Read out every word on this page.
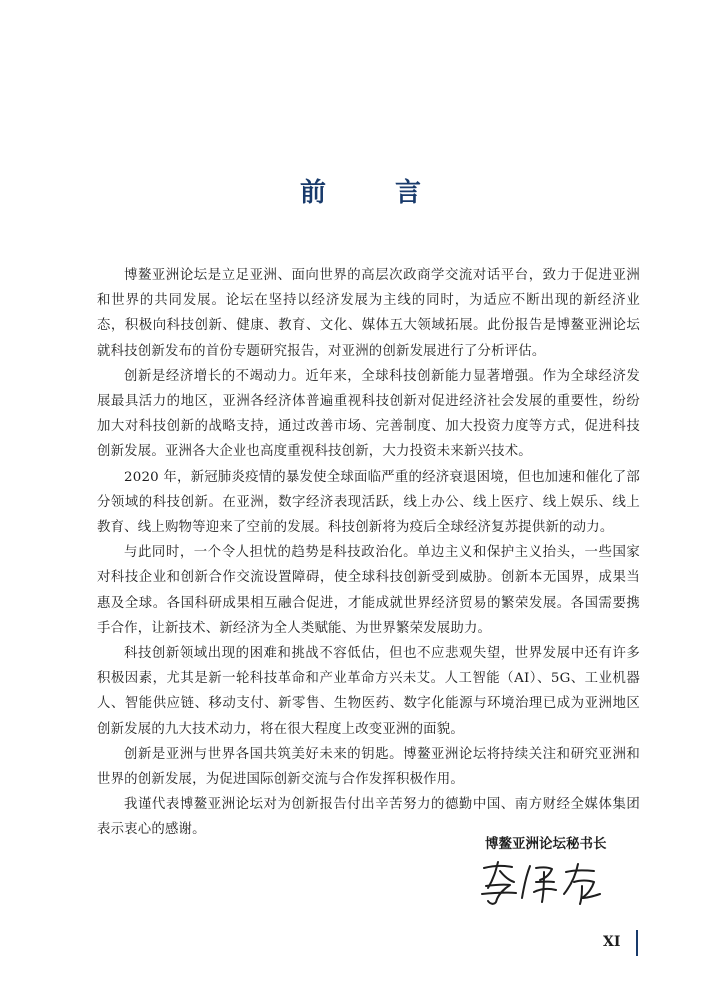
前 言

博鳌亚洲论坛是立足亚洲、面向世界的高层次政商学交流对话平台，致力于促进亚洲和世界的共同发展。论坛在坚持以经济发展为主线的同时，为适应不断出现的新经济业态，积极向科技创新、健康、教育、文化、媒体五大领域拓展。此份报告是博鳌亚洲论坛就科技创新发布的首份专题研究报告，对亚洲的创新发展进行了分析评估。

创新是经济增长的不竭动力。近年来，全球科技创新能力显著增强。作为全球经济发展最具活力的地区，亚洲各经济体普遍重视科技创新对促进经济社会发展的重要性，纷纷加大对科技创新的战略支持，通过改善市场、完善制度、加大投资力度等方式，促进科技创新发展。亚洲各大企业也高度重视科技创新，大力投资未来新兴技术。

2020 年，新冠肺炎疫情的暴发使全球面临严重的经济衰退困境，但也加速和催化了部分领域的科技创新。在亚洲，数字经济表现活跃，线上办公、线上医疗、线上娱乐、线上教育、线上购物等迎来了空前的发展。科技创新将为疫后全球经济复苏提供新的动力。

与此同时，一个令人担忧的趋势是科技政治化。单边主义和保护主义抬头，一些国家对科技企业和创新合作交流设置障碍，使全球科技创新受到威胁。创新本无国界，成果当惠及全球。各国科研成果相互融合促进，才能成就世界经济贸易的繁荣发展。各国需要携手合作，让新技术、新经济为全人类赋能、为世界繁荣发展助力。

科技创新领域出现的困难和挑战不容低估，但也不应悲观失望，世界发展中还有许多积极因素，尤其是新一轮科技革命和产业革命方兴未艾。人工智能（AI）、5G、工业机器人、智能供应链、移动支付、新零售、生物医药、数字化能源与环境治理已成为亚洲地区创新发展的九大技术动力，将在很大程度上改变亚洲的面貌。

创新是亚洲与世界各国共筑美好未来的钥匙。博鳌亚洲论坛将持续关注和研究亚洲和世界的创新发展，为促进国际创新交流与合作发挥积极作用。

我谨代表博鳌亚洲论坛对为创新报告付出辛苦努力的德勤中国、南方财经全媒体集团表示衷心的感谢。

博鳌亚洲论坛秘书长
XI
